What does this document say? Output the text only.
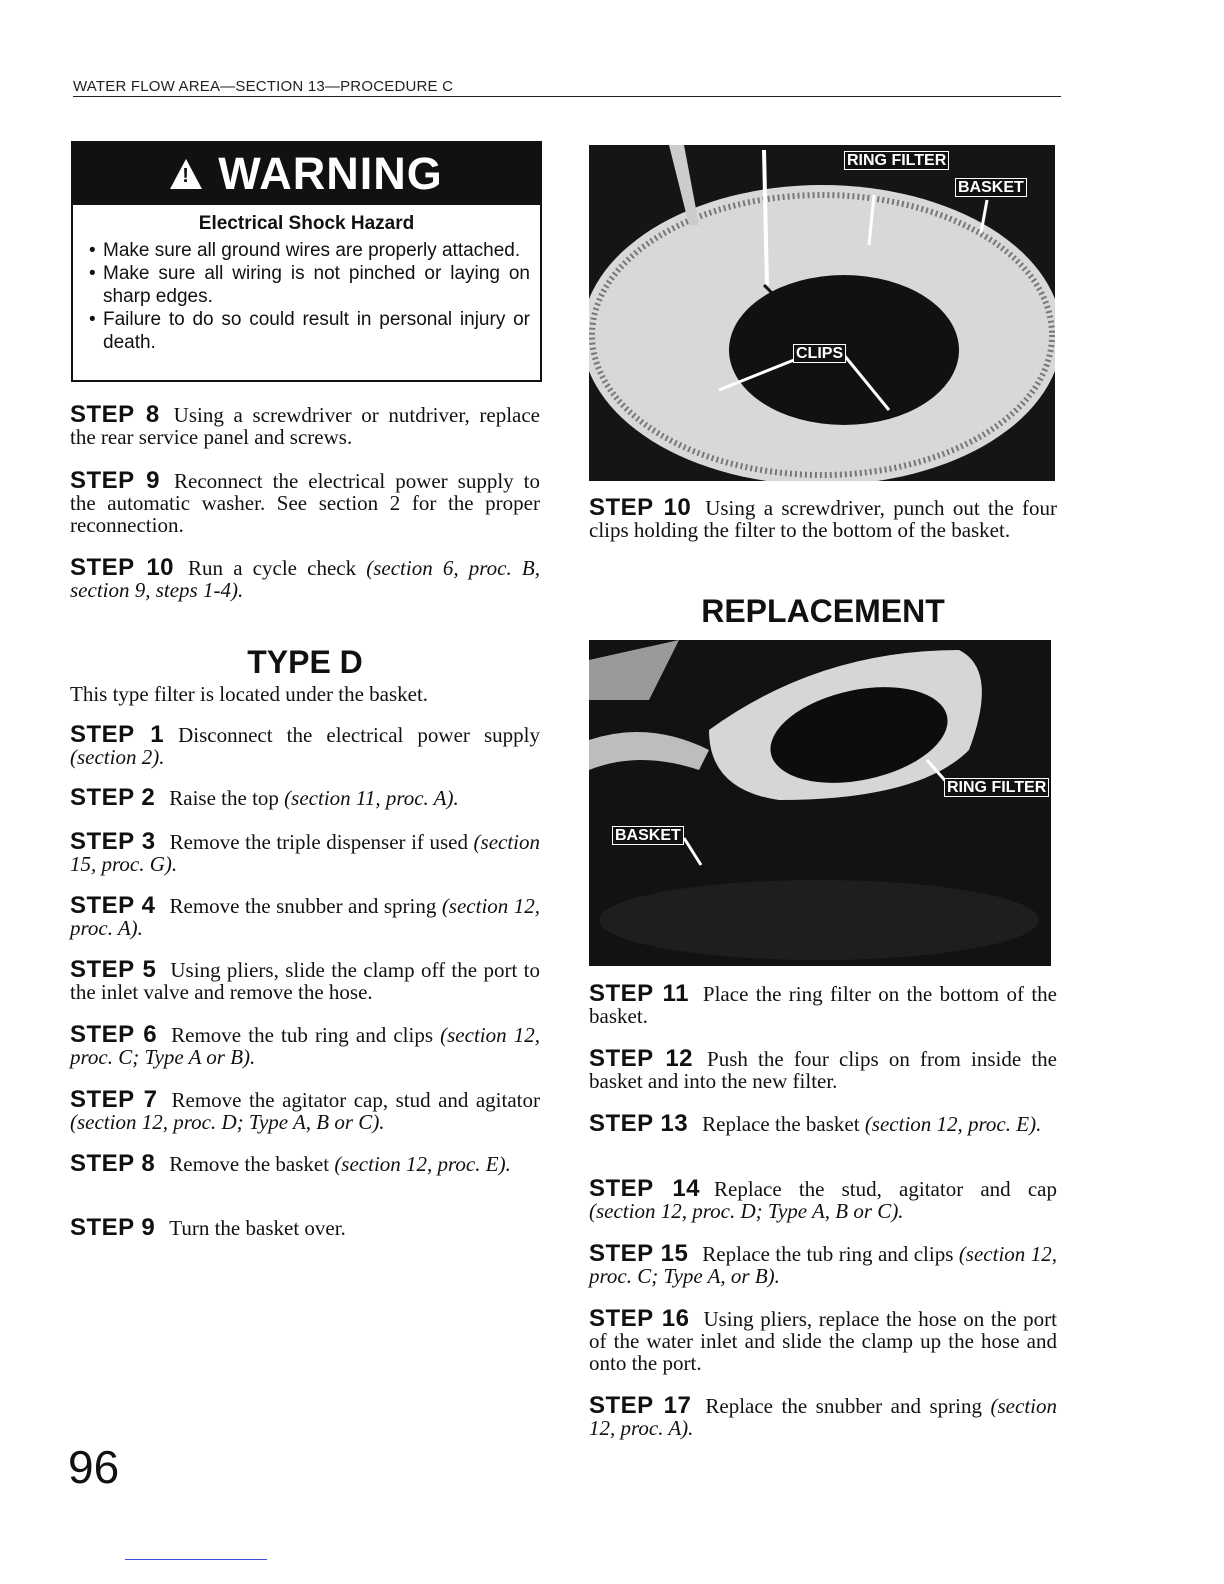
WATER FLOW AREA—SECTION 13—PROCEDURE C
! WARNING
Electrical Shock Hazard
• Make sure all ground wires are properly attached.
• Make sure all wiring is not pinched or laying on sharp edges.
• Failure to do so could result in personal injury or death.
STEP 8 Using a screwdriver or nutdriver, replace the rear service panel and screws.
STEP 9 Reconnect the electrical power supply to the automatic washer. See section 2 for the proper reconnection.
STEP 10 Run a cycle check (section 6, proc. B, section 9, steps 1-4).
TYPE D
This type filter is located under the basket.
STEP 1 Disconnect the electrical power supply (section 2).
STEP 2 Raise the top (section 11, proc. A).
STEP 3 Remove the triple dispenser if used (section 15, proc. G).
STEP 4 Remove the snubber and spring (section 12, proc. A).
STEP 5 Using pliers, slide the clamp off the port to the inlet valve and remove the hose.
STEP 6 Remove the tub ring and clips (section 12, proc. C; Type A or B).
STEP 7 Remove the agitator cap, stud and agitator (section 12, proc. D; Type A, B or C).
STEP 8 Remove the basket (section 12, proc. E).
STEP 9 Turn the basket over.
RING FILTER
BASKET
CLIPS
STEP 10 Using a screwdriver, punch out the four clips holding the filter to the bottom of the basket.
REPLACEMENT
RING FILTER
BASKET
STEP 11 Place the ring filter on the bottom of the basket.
STEP 12 Push the four clips on from inside the basket and into the new filter.
STEP 13 Replace the basket (section 12, proc. E).
STEP 14 Replace the stud, agitator and cap (section 12, proc. D; Type A, B or C).
STEP 15 Replace the tub ring and clips (section 12, proc. C; Type A, or B).
STEP 16 Using pliers, replace the hose on the port of the water inlet and slide the clamp up the hose and onto the port.
STEP 17 Replace the snubber and spring (section 12, proc. A).
96
